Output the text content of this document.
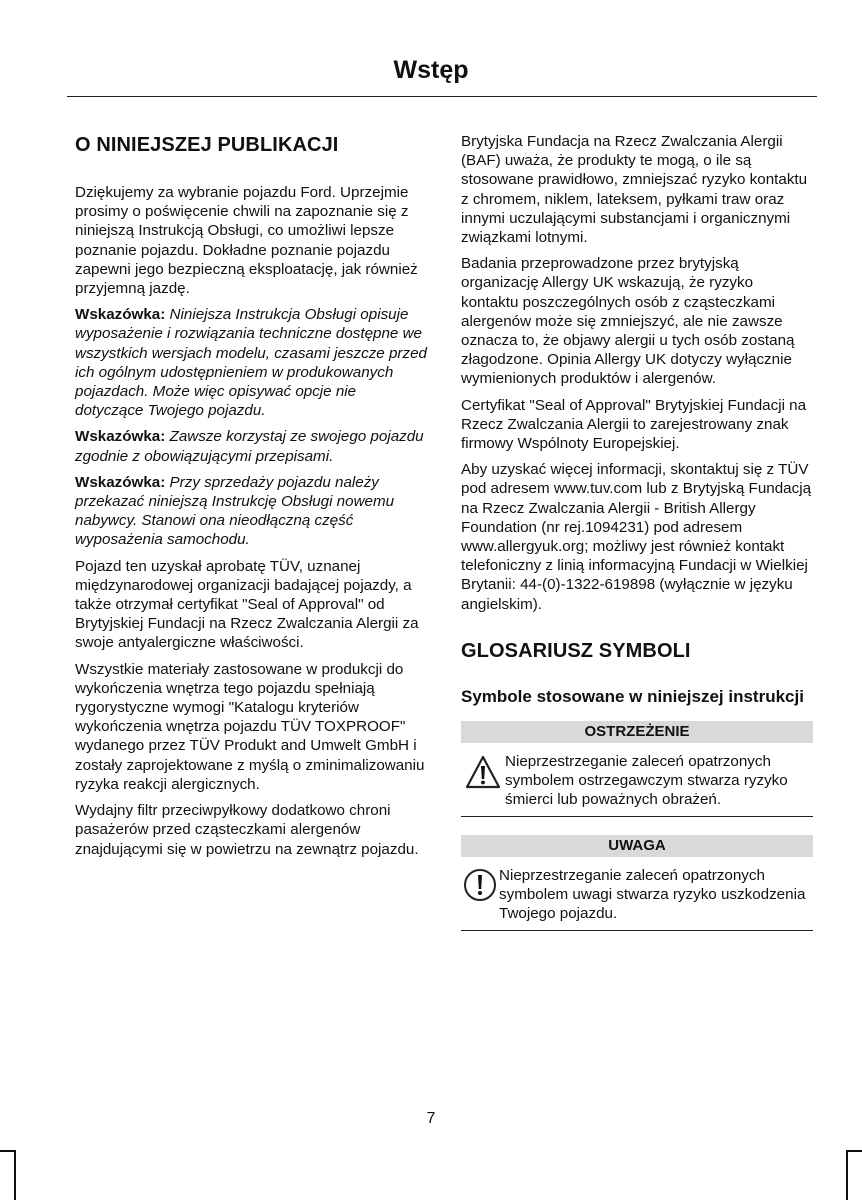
Wstęp
O NINIEJSZEJ PUBLIKACJI

Dziękujemy za wybranie pojazdu Ford. Uprzejmie prosimy o poświęcenie chwili na zapoznanie się z niniejszą Instrukcją Obsługi, co umożliwi lepsze poznanie pojazdu. Dokładne poznanie pojazdu zapewni jego bezpieczną eksploatację, jak również przyjemną jazdę.

Wskazówka: Niniejsza Instrukcja Obsługi opisuje wyposażenie i rozwiązania techniczne dostępne we wszystkich wersjach modelu, czasami jeszcze przed ich ogólnym udostępnieniem w produkowanych pojazdach. Może więc opisywać opcje nie dotyczące Twojego pojazdu.

Wskazówka: Zawsze korzystaj ze swojego pojazdu zgodnie z obowiązującymi przepisami.

Wskazówka: Przy sprzedaży pojazdu należy przekazać niniejszą Instrukcję Obsługi nowemu nabywcy. Stanowi ona nieodłączną część wyposażenia samochodu.

Pojazd ten uzyskał aprobatę TÜV, uznanej międzynarodowej organizacji badającej pojazdy, a także otrzymał certyfikat "Seal of Approval" od Brytyjskiej Fundacji na Rzecz Zwalczania Alergii za swoje antyalergiczne właściwości.

Wszystkie materiały zastosowane w produkcji do wykończenia wnętrza tego pojazdu spełniają rygorystyczne wymogi "Katalogu kryteriów wykończenia wnętrza pojazdu TÜV TOXPROOF" wydanego przez TÜV Produkt and Umwelt GmbH i zostały zaprojektowane z myślą o zminimalizowaniu ryzyka reakcji alergicznych.

Wydajny filtr przeciwpyłkowy dodatkowo chroni pasażerów przed cząsteczkami alergenów znajdującymi się w powietrzu na zewnątrz pojazdu.

Brytyjska Fundacja na Rzecz Zwalczania Alergii (BAF) uważa, że produkty te mogą, o ile są stosowane prawidłowo, zmniejszać ryzyko kontaktu z chromem, niklem, lateksem, pyłkami traw oraz innymi uczulającymi substancjami i organicznymi związkami lotnymi.

Badania przeprowadzone przez brytyjską organizację Allergy UK wskazują, że ryzyko kontaktu poszczególnych osób z cząsteczkami alergenów może się zmniejszyć, ale nie zawsze oznacza to, że objawy alergii u tych osób zostaną złagodzone. Opinia Allergy UK dotyczy wyłącznie wymienionych produktów i alergenów.

Certyfikat "Seal of Approval" Brytyjskiej Fundacji na Rzecz Zwalczania Alergii to zarejestrowany znak firmowy Wspólnoty Europejskiej.

Aby uzyskać więcej informacji, skontaktuj się z TÜV pod adresem www.tuv.com lub z Brytyjską Fundacją na Rzecz Zwalczania Alergii - British Allergy Foundation (nr rej.1094231) pod adresem www.allergyuk.org; możliwy jest również kontakt telefoniczny z linią informacyjną Fundacji w Wielkiej Brytanii: 44-(0)-1322-619898 (wyłącznie w języku angielskim).

GLOSARIUSZ SYMBOLI
Symbole stosowane w niniejszej instrukcji
OSTRZEŻENIE
Nieprzestrzeganie zaleceń opatrzonych symbolem ostrzegawczym stwarza ryzyko śmierci lub poważnych obrażeń.
UWAGA
Nieprzestrzeganie zaleceń opatrzonych symbolem uwagi stwarza ryzyko uszkodzenia Twojego pojazdu.
7
